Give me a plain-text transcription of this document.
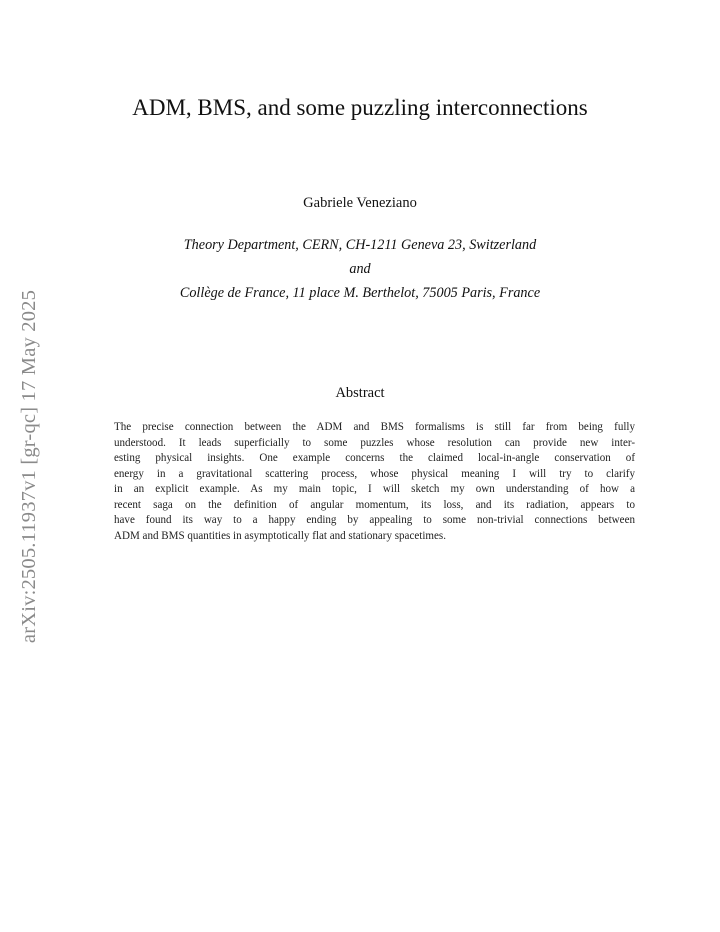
arXiv:2505.11937v1 [gr-qc] 17 May 2025
ADM, BMS, and some puzzling interconnections
Gabriele Veneziano
Theory Department, CERN, CH-1211 Geneva 23, Switzerland
and
Collège de France, 11 place M. Berthelot, 75005 Paris, France
Abstract
The precise connection between the ADM and BMS formalisms is still far from being fully
understood. It leads superficially to some puzzles whose resolution can provide new inter-
esting physical insights. One example concerns the claimed local-in-angle conservation of
energy in a gravitational scattering process, whose physical meaning I will try to clarify
in an explicit example. As my main topic, I will sketch my own understanding of how a
recent saga on the definition of angular momentum, its loss, and its radiation, appears to
have found its way to a happy ending by appealing to some non-trivial connections between
ADM and BMS quantities in asymptotically flat and stationary spacetimes.
